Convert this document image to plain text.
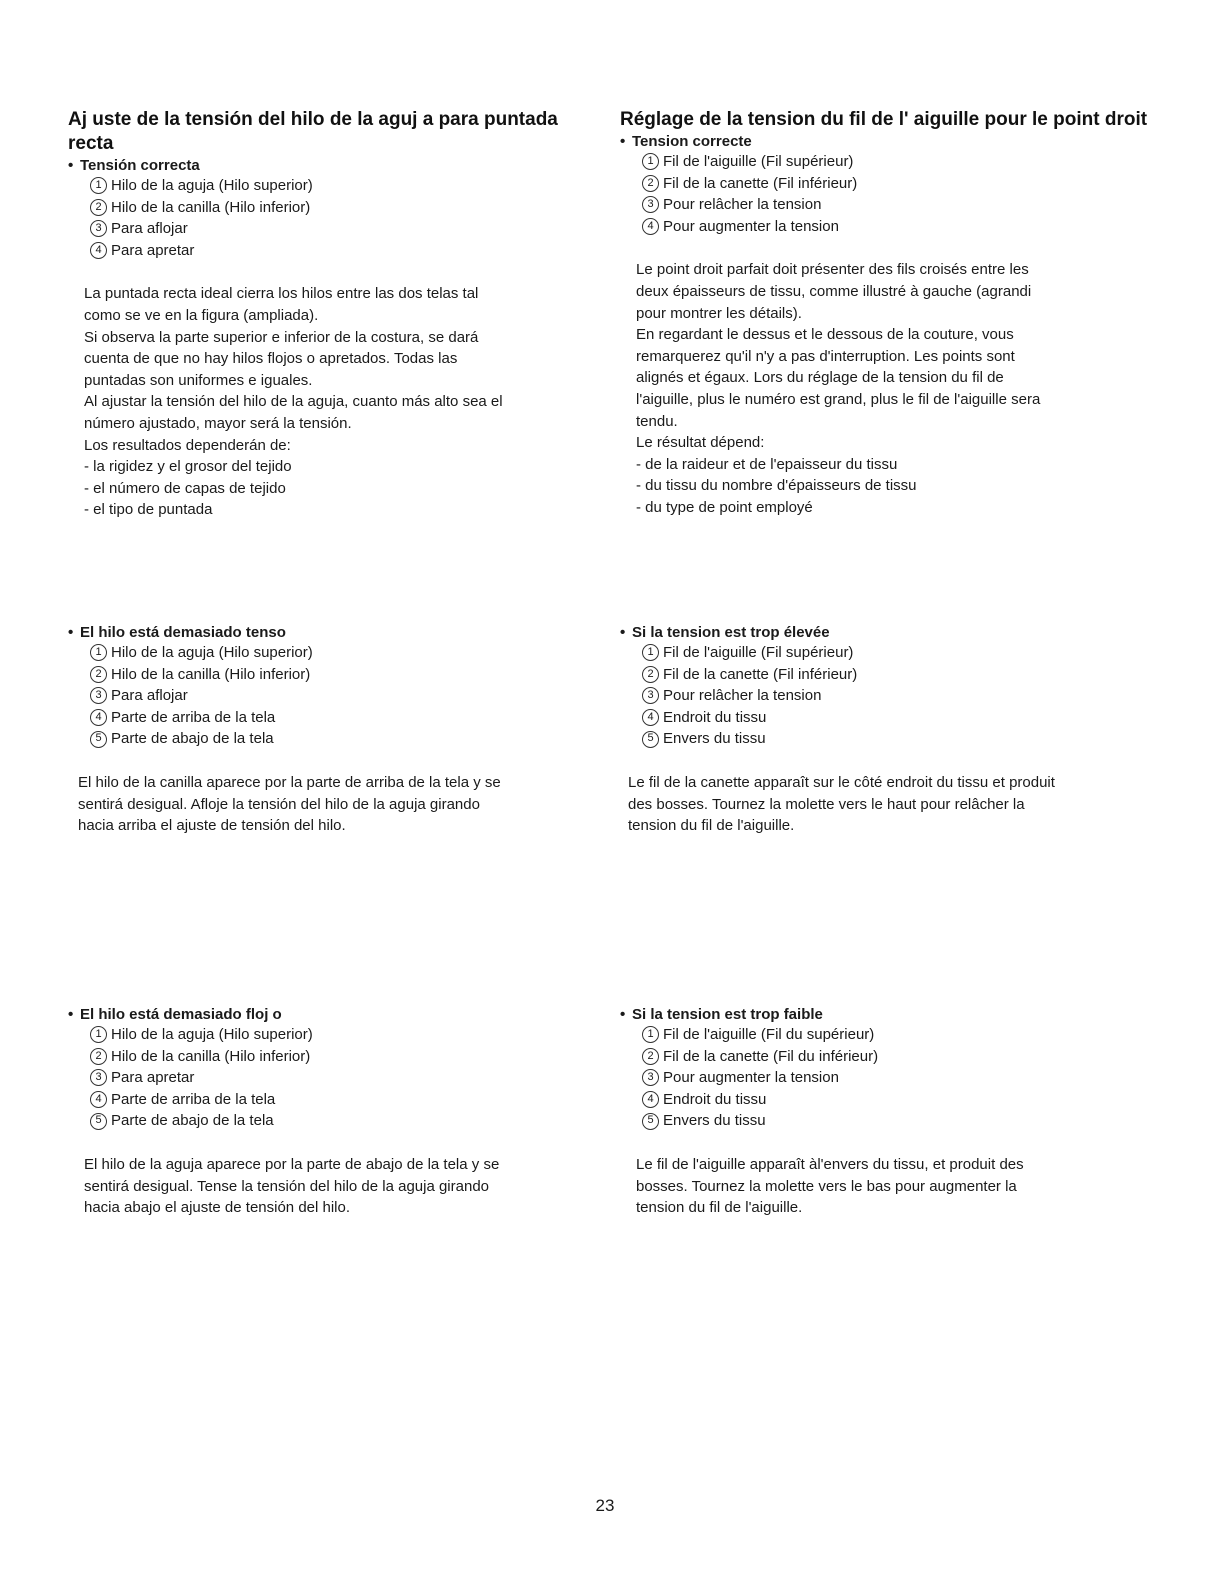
Aj uste de la tensión del hilo de la aguj a para puntada recta

• Tensión correcta

1 Hilo de la aguja (Hilo superior)
2 Hilo de la canilla (Hilo inferior)
3 Para aflojar
4 Para apretar

La puntada recta ideal cierra los hilos entre las dos telas tal
como se ve en la figura (ampliada).
Si observa la parte superior e inferior de la costura, se dará
cuenta de que no hay hilos flojos o apretados. Todas las
puntadas son uniformes e iguales.
Al ajustar la tensión del hilo de la aguja, cuanto más alto sea el
número ajustado, mayor será la tensión.
Los resultados dependerán de:
- la rigidez y el grosor del tejido
- el número de capas de tejido
- el tipo de puntada

• El hilo está demasiado tenso

1 Hilo de la aguja (Hilo superior)
2 Hilo de la canilla (Hilo inferior)
3 Para aflojar
4 Parte de arriba de la tela
5 Parte de abajo de la tela

El hilo de la canilla aparece por la parte de arriba de la tela y se
sentirá desigual. Afloje la tensión del hilo de la aguja girando
hacia arriba el ajuste de tensión del hilo.

• El hilo está demasiado floj o

1 Hilo de la aguja (Hilo superior)
2 Hilo de la canilla (Hilo inferior)
3 Para apretar
4 Parte de arriba de la tela
5 Parte de abajo de la tela

El hilo de la aguja aparece por la parte de abajo de la tela y se
sentirá desigual. Tense la tensión del hilo de la aguja girando
hacia abajo el ajuste de tensión del hilo.

Réglage de la tension du fil de l' aiguille pour le point droit

• Tension correcte

1 Fil de l'aiguille (Fil supérieur)
2 Fil de la canette (Fil inférieur)
3 Pour relâcher la tension
4 Pour augmenter la tension

Le point droit parfait doit présenter des fils croisés entre les
deux épaisseurs de tissu, comme illustré à gauche (agrandi
pour montrer les détails).
En regardant le dessus et le dessous de la couture, vous
remarquerez qu'il n'y a pas d'interruption. Les points sont
alignés et égaux. Lors du réglage de la tension du fil de
l'aiguille, plus le numéro est grand, plus le fil de l'aiguille sera
tendu.
Le résultat dépend:
- de la raideur et de l'epaisseur du tissu
- du tissu du nombre d'épaisseurs de tissu
- du type de point employé

• Si la tension est trop élevée

1 Fil de l'aiguille (Fil supérieur)
2 Fil de la canette (Fil inférieur)
3 Pour relâcher la tension
4 Endroit du tissu
5 Envers du tissu

Le fil de la canette apparaît sur le côté endroit du tissu et produit
des bosses. Tournez la molette vers le haut pour relâcher la
tension du fil de l'aiguille.

• Si la tension est trop faible

1 Fil de l'aiguille (Fil du supérieur)
2 Fil de la canette (Fil du inférieur)
3 Pour augmenter la tension
4 Endroit du tissu
5 Envers du tissu

Le fil de l'aiguille apparaît àl'envers du tissu, et produit des
bosses. Tournez la molette vers le bas pour augmenter la
tension du fil de l'aiguille.

23
